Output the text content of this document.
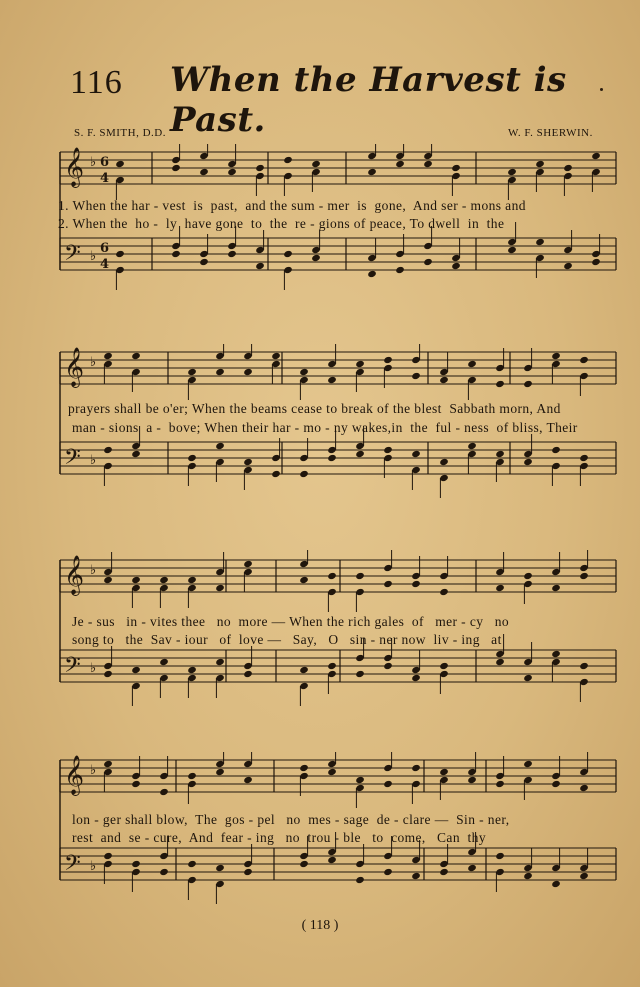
116 When the Harvest is Past.
S. F. SMITH, D.D.	W. F. SHERWIN.
𝄞 ♭ 6
4
𝄢 ♭
6
4
1. When the har - vest  is  past,  and the sum - mer  is  gone,  And ser - mons and
2. When the  ho -  ly  have gone  to  the  re - gions of peace, To dwell  in  the
𝄞 ♭
𝄢 ♭
prayers shall be o'er; When the beams cease to break of the blest  Sabbath morn, And
man - sions  a -  bove; When their har - mo - ny wakes,in  the  ful - ness  of bliss, Their
𝄞 ♭
𝄢 ♭
Je - sus   in - vites thee   no  more — When the rich gales  of   mer - cy   no
song to   the  Sav - iour   of  love —   Say,   O   sin - ner now  liv - ing   at
𝄞 ♭
𝄢 ♭
lon - ger shall blow,  The  gos - pel   no  mes - sage  de - clare —  Sin - ner,
rest  and  se - cure,  And  fear - ing   no  trou - ble   to  come,   Can  thy
( 118 )
